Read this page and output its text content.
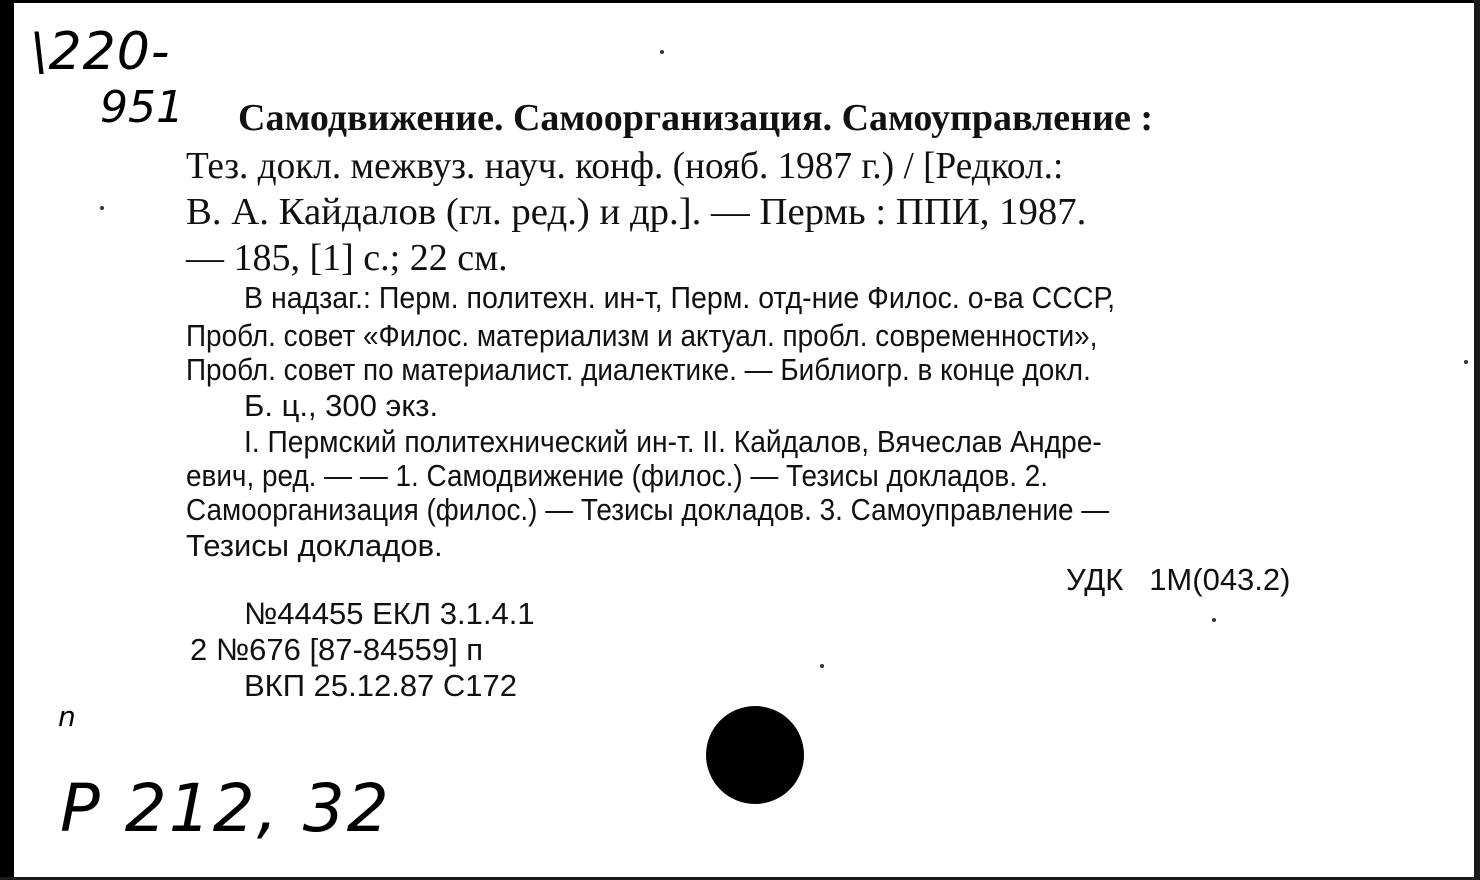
\220-
951
n
P 212, 32
Самодвижение. Самоорганизация. Самоуправление :
Тез. докл. межвуз. науч. конф. (нояб. 1987 г.) / [Редкол.:
В. А. Кайдалов (гл. ред.) и др.]. — Пермь : ППИ, 1987.
— 185, [1] с.; 22 см.
В надзаг.: Перм. политехн. ин-т, Перм. отд-ние Филос. о-ва СССР,
Пробл. совет «Филос. материализм и актуал. пробл. современности»,
Пробл. совет по материалист. диалектике. — Библиогр. в конце докл.
Б. ц., 300 экз.
I. Пермский политехнический ин-т. II. Кайдалов, Вячеслав Андре-
евич, ред. — — 1. Самодвижение (филос.) — Тезисы докладов. 2.
Самоорганизация (филос.) — Тезисы докладов. 3. Самоуправление —
Тезисы докладов.
УДК   1М(043.2)
№44455 ЕКЛ 3.1.4.1
2 №676 [87-84559] п
ВКП 25.12.87 С172
